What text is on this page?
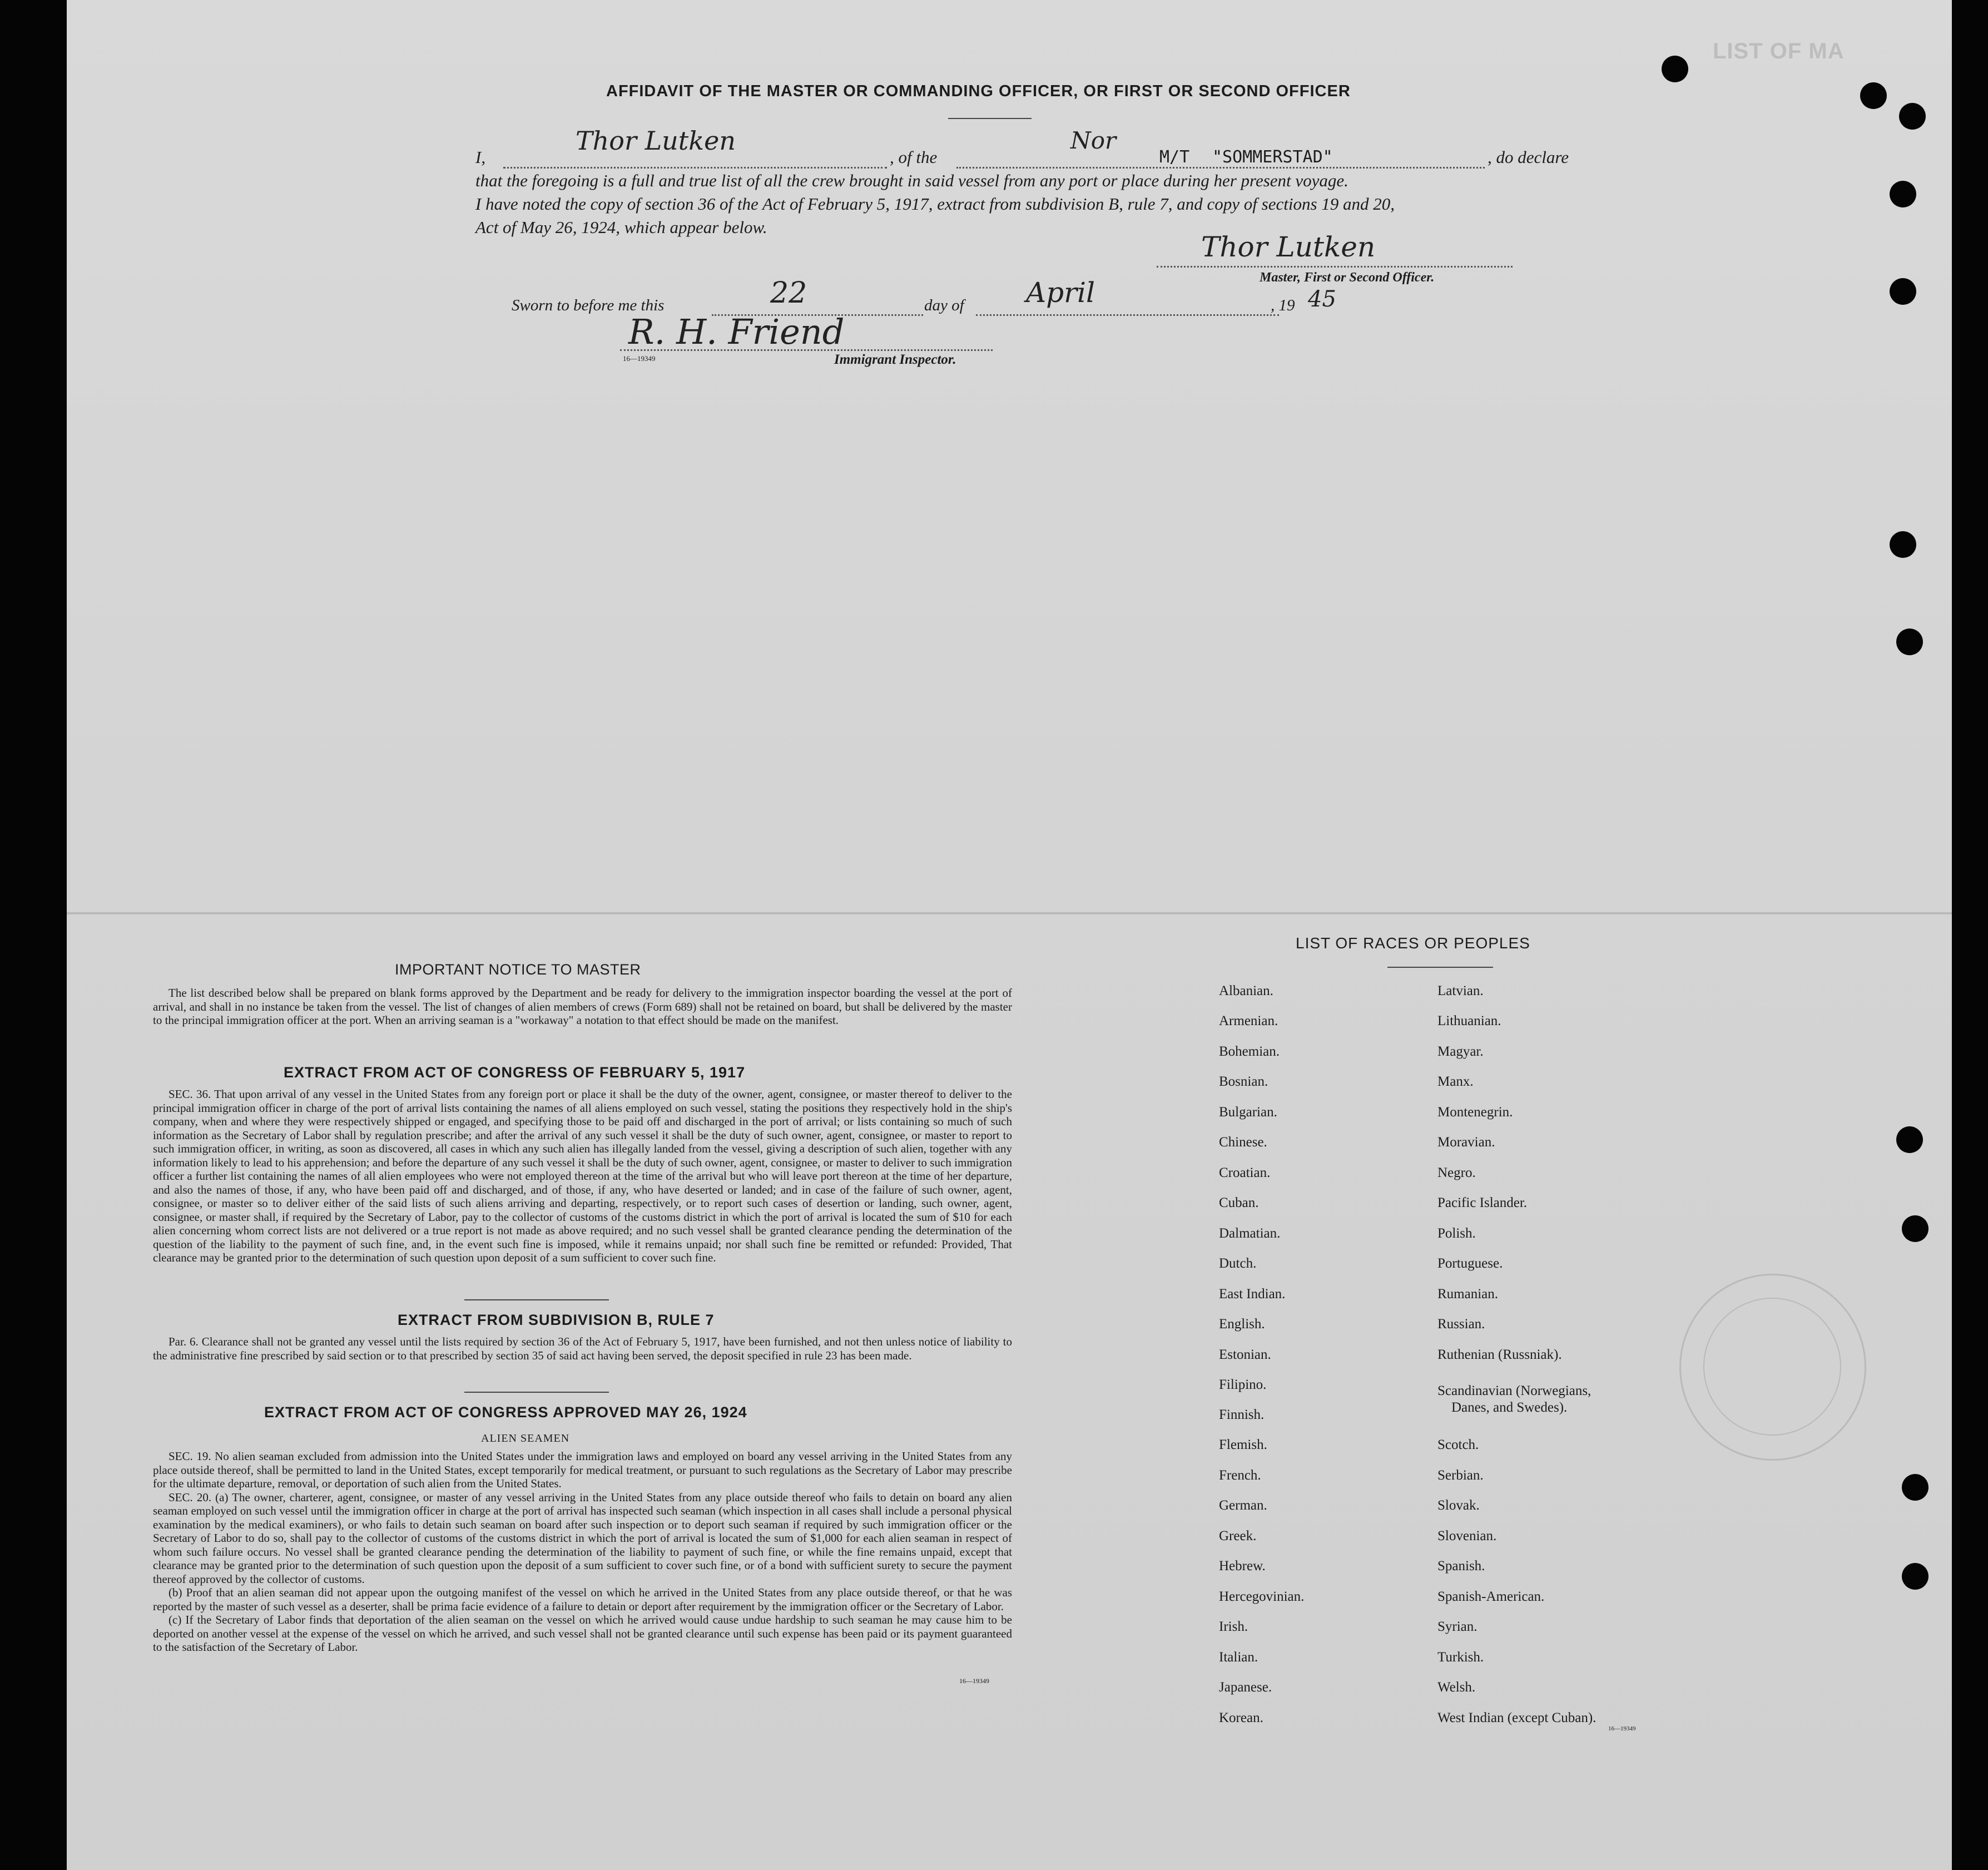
LIST OF MA
AFFIDAVIT OF THE MASTER OR COMMANDING OFFICER, OR FIRST OR SECOND OFFICER
I,
Thor Lutken
, of the
Nor
M/T "SOMMERSTAD"	, do declare
that the foregoing is a full and true list of all the crew brought in said vessel from any port or place during her present voyage.
I have noted the copy of section 36 of the Act of February 5, 1917, extract from subdivision B, rule 7, and copy of sections 19 and 20,
Act of May 26, 1924, which appear below.
Thor Lutken
Master, First or Second Officer.
Sworn to before me this	22	day of April	, 19 45
R. H. Friend
16—19349	Immigrant Inspector.
IMPORTANT NOTICE TO MASTER

The list described below shall be prepared on blank forms approved by the Department and be ready for delivery to the immigration inspector boarding the vessel at the port of arrival, and shall in no instance be taken from the vessel. The list of changes of alien members of crews (Form 689) shall not be retained on board, but shall be delivered by the master to the principal immigration officer at the port. When an arriving seaman is a "workaway" a notation to that effect should be made on the manifest.

EXTRACT FROM ACT OF CONGRESS OF FEBRUARY 5, 1917

SEC. 36. That upon arrival of any vessel in the United States from any foreign port or place it shall be the duty of the owner, agent, consignee, or master thereof to deliver to the principal immigration officer in charge of the port of arrival lists containing the names of all aliens employed on such vessel, stating the positions they respectively hold in the ship's company, when and where they were respectively shipped or engaged, and specifying those to be paid off and discharged in the port of arrival; or lists containing so much of such information as the Secretary of Labor shall by regulation prescribe; and after the arrival of any such vessel it shall be the duty of such owner, agent, consignee, or master to report to such immigration officer, in writing, as soon as discovered, all cases in which any such alien has illegally landed from the vessel, giving a description of such alien, together with any information likely to lead to his apprehension; and before the departure of any such vessel it shall be the duty of such owner, agent, consignee, or master to deliver to such immigration officer a further list containing the names of all alien employees who were not employed thereon at the time of the arrival but who will leave port thereon at the time of her departure, and also the names of those, if any, who have been paid off and discharged, and of those, if any, who have deserted or landed; and in case of the failure of such owner, agent, consignee, or master so to deliver either of the said lists of such aliens arriving and departing, respectively, or to report such cases of desertion or landing, such owner, agent, consignee, or master shall, if required by the Secretary of Labor, pay to the collector of customs of the customs district in which the port of arrival is located the sum of $10 for each alien concerning whom correct lists are not delivered or a true report is not made as above required; and no such vessel shall be granted clearance pending the determination of the question of the liability to the payment of such fine, and, in the event such fine is imposed, while it remains unpaid; nor shall such fine be remitted or refunded: Provided, That clearance may be granted prior to the determination of such question upon deposit of a sum sufficient to cover such fine.

EXTRACT FROM SUBDIVISION B, RULE 7

Par. 6. Clearance shall not be granted any vessel until the lists required by section 36 of the Act of February 5, 1917, have been furnished, and not then unless notice of liability to the administrative fine prescribed by said section or to that prescribed by section 35 of said act having been served, the deposit specified in rule 23 has been made.

EXTRACT FROM ACT OF CONGRESS APPROVED MAY 26, 1924
ALIEN SEAMEN

SEC. 19. No alien seaman excluded from admission into the United States under the immigration laws and employed on board any vessel arriving in the United States from any place outside thereof, shall be permitted to land in the United States, except temporarily for medical treatment, or pursuant to such regulations as the Secretary of Labor may prescribe for the ultimate departure, removal, or deportation of such alien from the United States.

SEC. 20. (a) The owner, charterer, agent, consignee, or master of any vessel arriving in the United States from any place outside thereof who fails to detain on board any alien seaman employed on such vessel until the immigration officer in charge at the port of arrival has inspected such seaman (which inspection in all cases shall include a personal physical examination by the medical examiners), or who fails to detain such seaman on board after such inspection or to deport such seaman if required by such immigration officer or the Secretary of Labor to do so, shall pay to the collector of customs of the customs district in which the port of arrival is located the sum of $1,000 for each alien seaman in respect of whom such failure occurs. No vessel shall be granted clearance pending the determination of the liability to payment of such fine, or while the fine remains unpaid, except that clearance may be granted prior to the determination of such question upon the deposit of a sum sufficient to cover such fine, or of a bond with sufficient surety to secure the payment thereof approved by the collector of customs.

(b) Proof that an alien seaman did not appear upon the outgoing manifest of the vessel on which he arrived in the United States from any place outside thereof, or that he was reported by the master of such vessel as a deserter, shall be prima facie evidence of a failure to detain or deport after requirement by the immigration officer or the Secretary of Labor.

(c) If the Secretary of Labor finds that deportation of the alien seaman on the vessel on which he arrived would cause undue hardship to such seaman he may cause him to be deported on another vessel at the expense of the vessel on which he arrived, and such vessel shall not be granted clearance until such expense has been paid or its payment guaranteed to the satisfaction of the Secretary of Labor.

16—19349
LIST OF RACES OR PEOPLES
Albanian.
Armenian.
Bohemian.
Bosnian.
Bulgarian.
Chinese.
Croatian.
Cuban.
Dalmatian.
Dutch.
East Indian.
English.
Estonian.
Filipino.
Finnish.
Flemish.
French.
German.
Greek.
Hebrew.
Hercegovinian.
Irish.
Italian.
Japanese.
Korean.
Latvian.
Lithuanian.
Magyar.
Manx.
Montenegrin.
Moravian.
Negro.
Pacific Islander.
Polish.
Portuguese.
Rumanian.
Russian.
Ruthenian (Russniak).
Scandinavian (Norwegians,
Danes, and Swedes).
Scotch.
Serbian.
Slovak.
Slovenian.
Spanish.
Spanish-American.
Syrian.
Turkish.
Welsh.
West Indian (except Cuban).
16—19349
